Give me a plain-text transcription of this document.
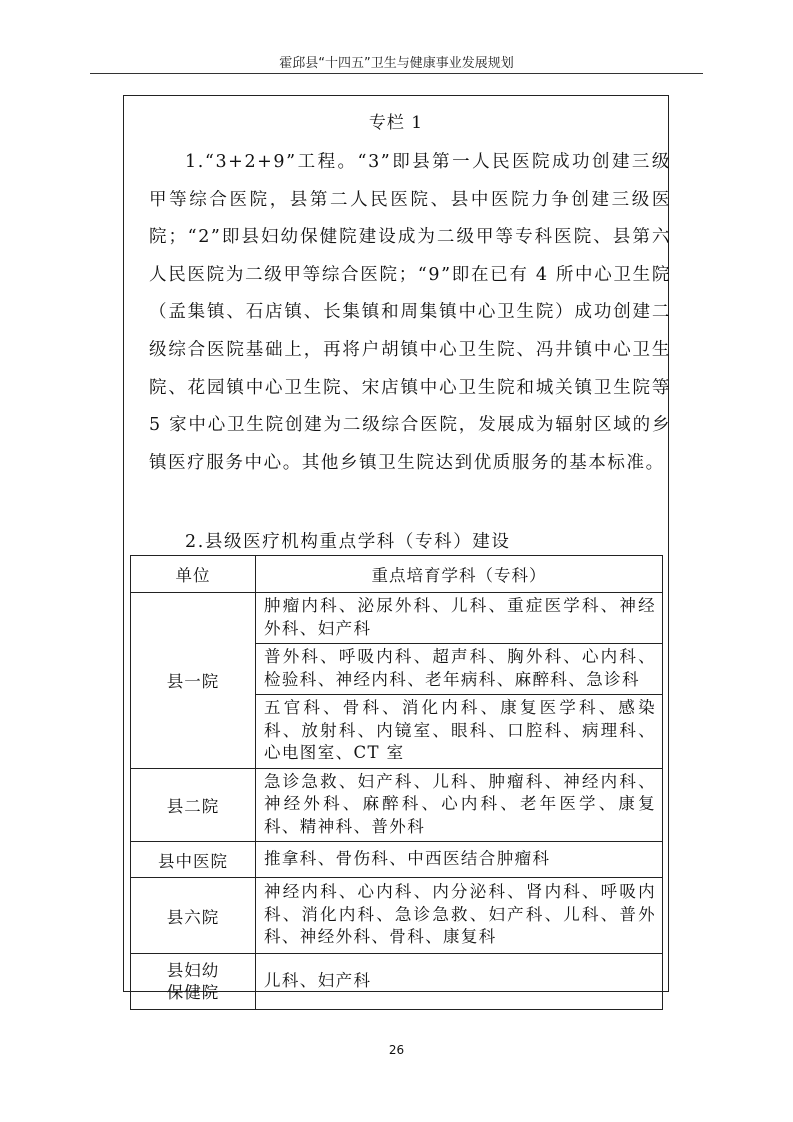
霍邱县“十四五”卫生与健康事业发展规划
专栏 1

1.“3+2+9”工程。“3”即县第一人民医院成功创建三级甲等综合医院，县第二人民医院、县中医院力争创建三级医院；“2”即县妇幼保健院建设成为二级甲等专科医院、县第六人民医院为二级甲等综合医院；“9”即在已有 4 所中心卫生院（孟集镇、石店镇、长集镇和周集镇中心卫生院）成功创建二级综合医院基础上，再将户胡镇中心卫生院、冯井镇中心卫生院、花园镇中心卫生院、宋店镇中心卫生院和城关镇卫生院等 5 家中心卫生院创建为二级综合医院，发展成为辐射区域的乡镇医疗服务中心。其他乡镇卫生院达到优质服务的基本标准。

2.县级医疗机构重点学科（专科）建设
单位	重点培育学科（专科）
县一院	肿瘤内科、泌尿外科、儿科、重症医学科、神经外科、妇产科
	普外科、呼吸内科、超声科、胸外科、心内科、检验科、神经内科、老年病科、麻醉科、急诊科
	五官科、骨科、消化内科、康复医学科、感染科、放射科、内镜室、眼科、口腔科、病理科、心电图室、CT 室
县二院	急诊急救、妇产科、儿科、肿瘤科、神经内科、神经外科、麻醉科、心内科、老年医学、康复科、精神科、普外科
县中医院	推拿科、骨伤科、中西医结合肿瘤科
县六院	神经内科、心内科、内分泌科、肾内科、呼吸内科、消化内科、急诊急救、妇产科、儿科、普外科、神经外科、骨科、康复科
县妇幼
保健院	儿科、妇产科
26
